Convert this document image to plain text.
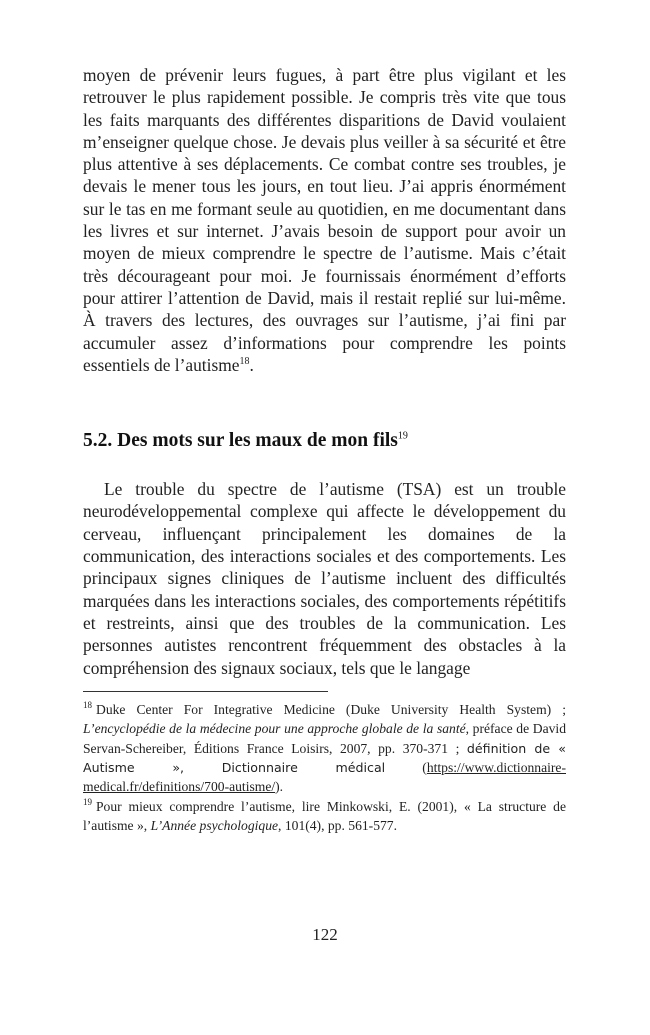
moyen de prévenir leurs fugues, à part être plus vigilant et les retrouver le plus rapidement possible. Je compris très vite que tous les faits marquants des différentes disparitions de David voulaient m’enseigner quelque chose. Je devais plus veiller à sa sécurité et être plus attentive à ses déplacements. Ce combat contre ses troubles, je devais le mener tous les jours, en tout lieu. J’ai appris énormément sur le tas en me formant seule au quotidien, en me documentant dans les livres et sur internet. J’avais besoin de support pour avoir un moyen de mieux comprendre le spectre de l’autisme. Mais c’était très décourageant pour moi. Je fournissais énormément d’efforts pour attirer l’attention de David, mais il restait replié sur lui-même. À travers des lectures, des ouvrages sur l’autisme, j’ai fini par accumuler assez d’informations pour comprendre les points essentiels de l’autisme$^{18}$.

5.2. Des mots sur les maux de mon fils$^{19}$

Le trouble du spectre de l’autisme (TSA) est un trouble neurodéveloppemental complexe qui affecte le développement du cerveau, influençant principalement les domaines de la communication, des interactions sociales et des comportements. Les principaux signes cliniques de l’autisme incluent des difficultés marquées dans les interactions sociales, des comportements répétitifs et restreints, ainsi que des troubles de la communication. Les personnes autistes rencontrent fréquemment des obstacles à la compréhension des signaux sociaux, tels que le langage

$^{18}$ Duke Center For Integrative Medicine (Duke University Health System) ; L’encyclopédie de la médecine pour une approche globale de la santé, préface de David Servan-Schereiber, Éditions France Loisirs, 2007, pp. 370-371 ; définition de « Autisme », Dictionnaire médical	(https://www.dictionnaire-medical.fr/definitions/700-autisme/).

$^{19}$ Pour mieux comprendre l’autisme, lire Minkowski, E. (2001), « La structure de l’autisme », L’Année psychologique, 101(4), pp. 561-577.

122
